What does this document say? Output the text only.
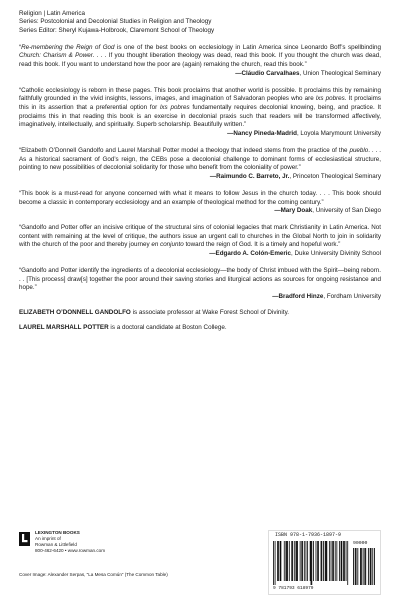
Religion | Latin America
Series: Postcolonial and Decolonial Studies in Religion and Theology
Series Editor: Sheryl Kujawa-Holbrook, Claremont School of Theology
“Re-membering the Reign of God is one of the best books on ecclesiology in Latin America since Leonardo Boff’s spellbinding Church: Charism & Power. . . . If you thought liberation theology was dead, read this book. If you thought the church was dead, read this book. If you want to understand how the poor are (again) remaking the church, read this book.”
—Cláudio Carvalhaes, Union Theological Seminary
“Catholic ecclesiology is reborn in these pages. This book proclaims that another world is possible. It proclaims this by remaining faithfully grounded in the vivid insights, lessons, images, and imagination of Salvadoran peoples who are lxs pobres. It proclaims this in its assertion that a preferential option for lxs pobres fundamentally requires decolonial knowing, being, and practice. It proclaims this in that reading this book is an exercise in decolonial praxis such that readers will be transformed affectively, imaginatively, intellectually, and spiritually. Superb scholarship. Beautifully written.”
—Nancy Pineda-Madrid, Loyola Marymount University
“Elizabeth O’Donnell Gandolfo and Laurel Marshall Potter model a theology that indeed stems from the practice of the pueblo. . . . As a historical sacrament of God’s reign, the CEBs pose a decolonial challenge to dominant forms of ecclesiastical structure, pointing to new possibilities of decolonial solidarity for those who benefit from the coloniality of power.”
—Raimundo C. Barreto, Jr., Princeton Theological Seminary
“This book is a must-read for anyone concerned with what it means to follow Jesus in the church today. . . . This book should become a classic in contemporary ecclesiology and an example of theological method for the coming century.”
—Mary Doak, University of San Diego
“Gandolfo and Potter offer an incisive critique of the structural sins of colonial legacies that mark Christianity in Latin America. Not content with remaining at the level of critique, the authors issue an urgent call to churches in the Global North to join in solidarity with the church of the poor and thereby journey en conjunto toward the reign of God. It is a timely and hopeful work.”
—Edgardo A. Colón-Emeric, Duke University Divinity School
“Gandolfo and Potter identify the ingredients of a decolonial ecclesiology—the body of Christ imbued with the Spirit—being reborn. . . [This process] draw[s] together the poor around their saving stories and liturgical actions as sources for ongoing resistance and hope.”
—Bradford Hinze, Fordham University
ELIZABETH O’DONNELL GANDOLFO is associate professor at Wake Forest School of Divinity.
LAUREL MARSHALL POTTER is a doctoral candidate at Boston College.
LEXINGTON BOOKS
An imprint of
Rowman & Littlefield
800-462-6420 • www.rowman.com
Cover Image: Alexander Serpas, “La Mesa Común” (The Common Table)
ISBN 978-1-7936-1897-9
90000
9 781793 618979
